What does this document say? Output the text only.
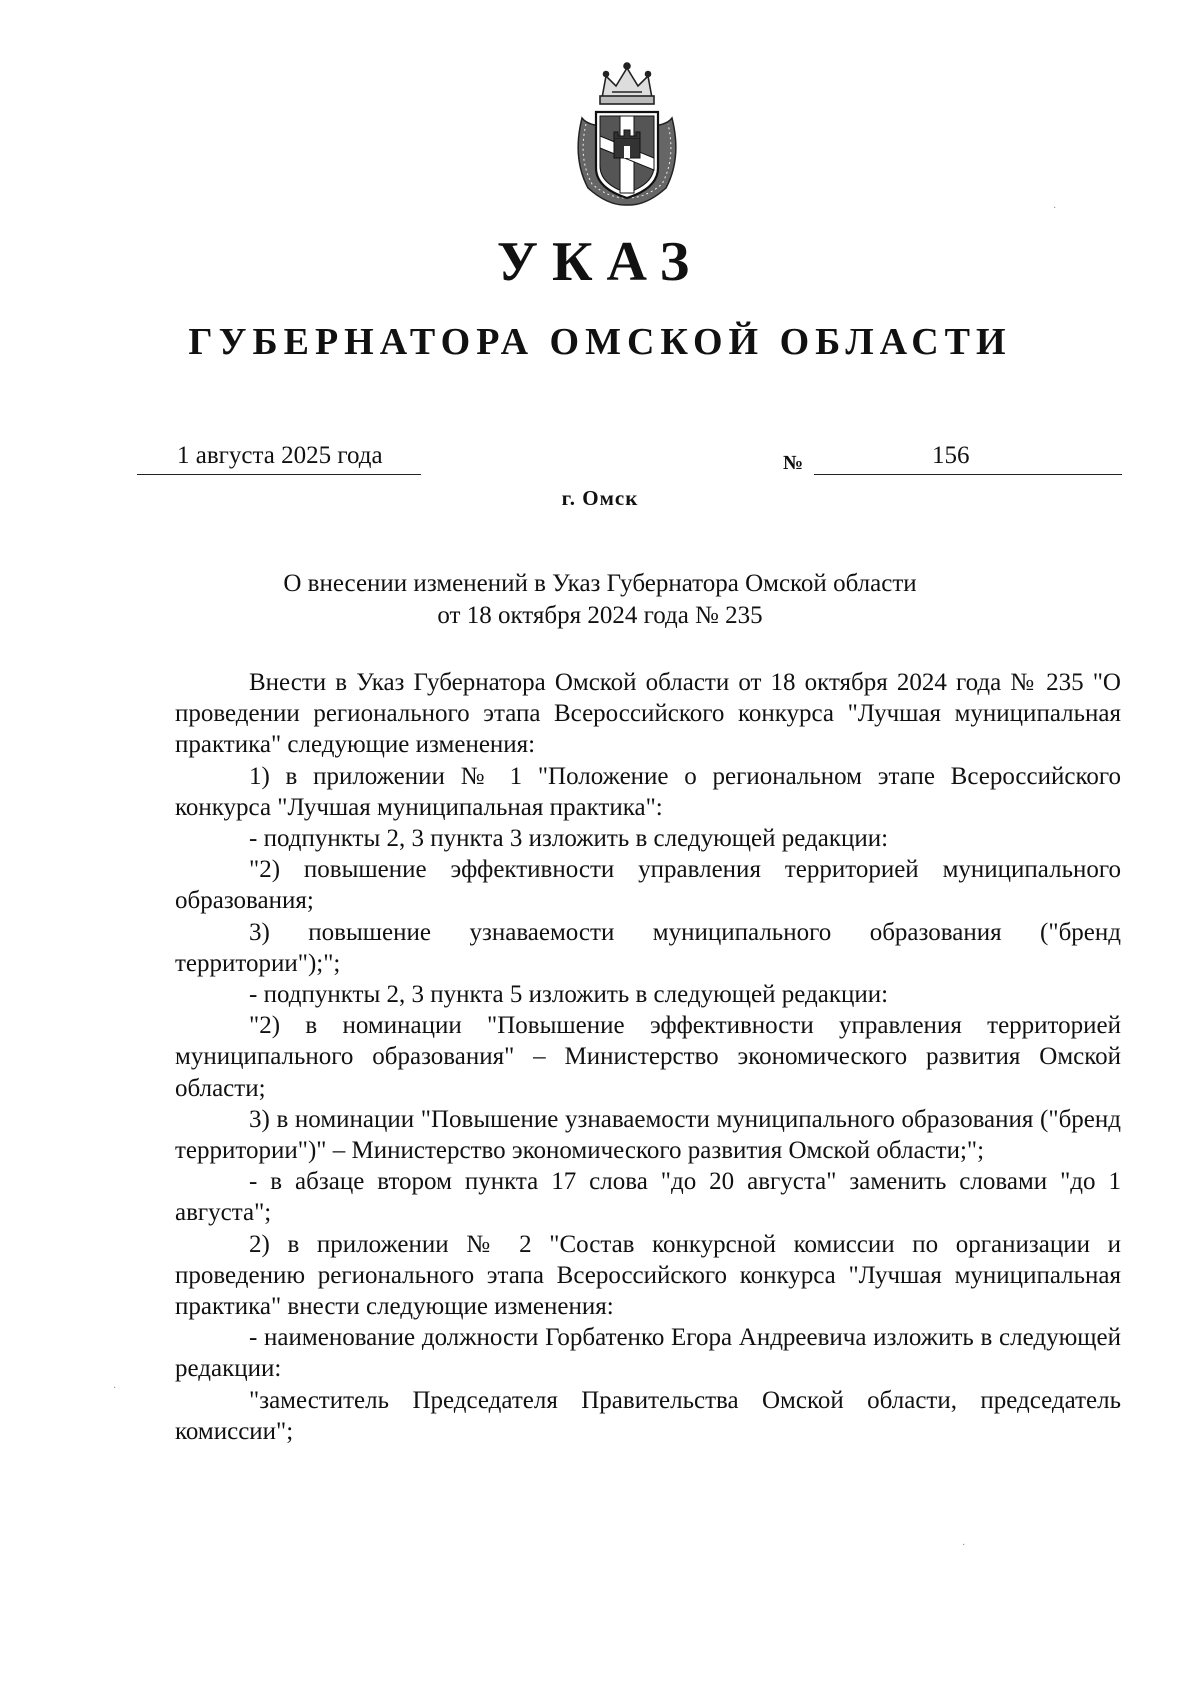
УКАЗ
ГУБЕРНАТОРА ОМСКОЙ ОБЛАСТИ
1 августа 2025 года	№	156
г. Омск
О внесении изменений в Указ Губернатора Омской области
от 18 октября 2024 года № 235

Внести в Указ Губернатора Омской области от 18 октября 2024 года № 235 "О проведении регионального этапа Всероссийского конкурса "Лучшая муниципальная практика" следующие изменения:

1) в приложении № 1 "Положение о региональном этапе Всероссийского конкурса "Лучшая муниципальная практика":

- подпункты 2, 3 пункта 3 изложить в следующей редакции:

"2) повышение эффективности управления территорией муниципального образования;

3) повышение узнаваемости муниципального образования ("бренд территории");";

- подпункты 2, 3 пункта 5 изложить в следующей редакции:

"2) в номинации "Повышение эффективности управления территорией муниципального образования" – Министерство экономического развития Омской области;

3) в номинации "Повышение узнаваемости муниципального образования ("бренд территории")" – Министерство экономического развития Омской области;";

- в абзаце втором пункта 17 слова "до 20 августа" заменить словами "до 1 августа";

2) в приложении № 2 "Состав конкурсной комиссии по организации и проведению регионального этапа Всероссийского конкурса "Лучшая муниципальная практика" внести следующие изменения:

- наименование должности Горбатенко Егора Андреевича изложить в следующей редакции:

"заместитель Председателя Правительства Омской области, председатель комиссии";

·
·
·
